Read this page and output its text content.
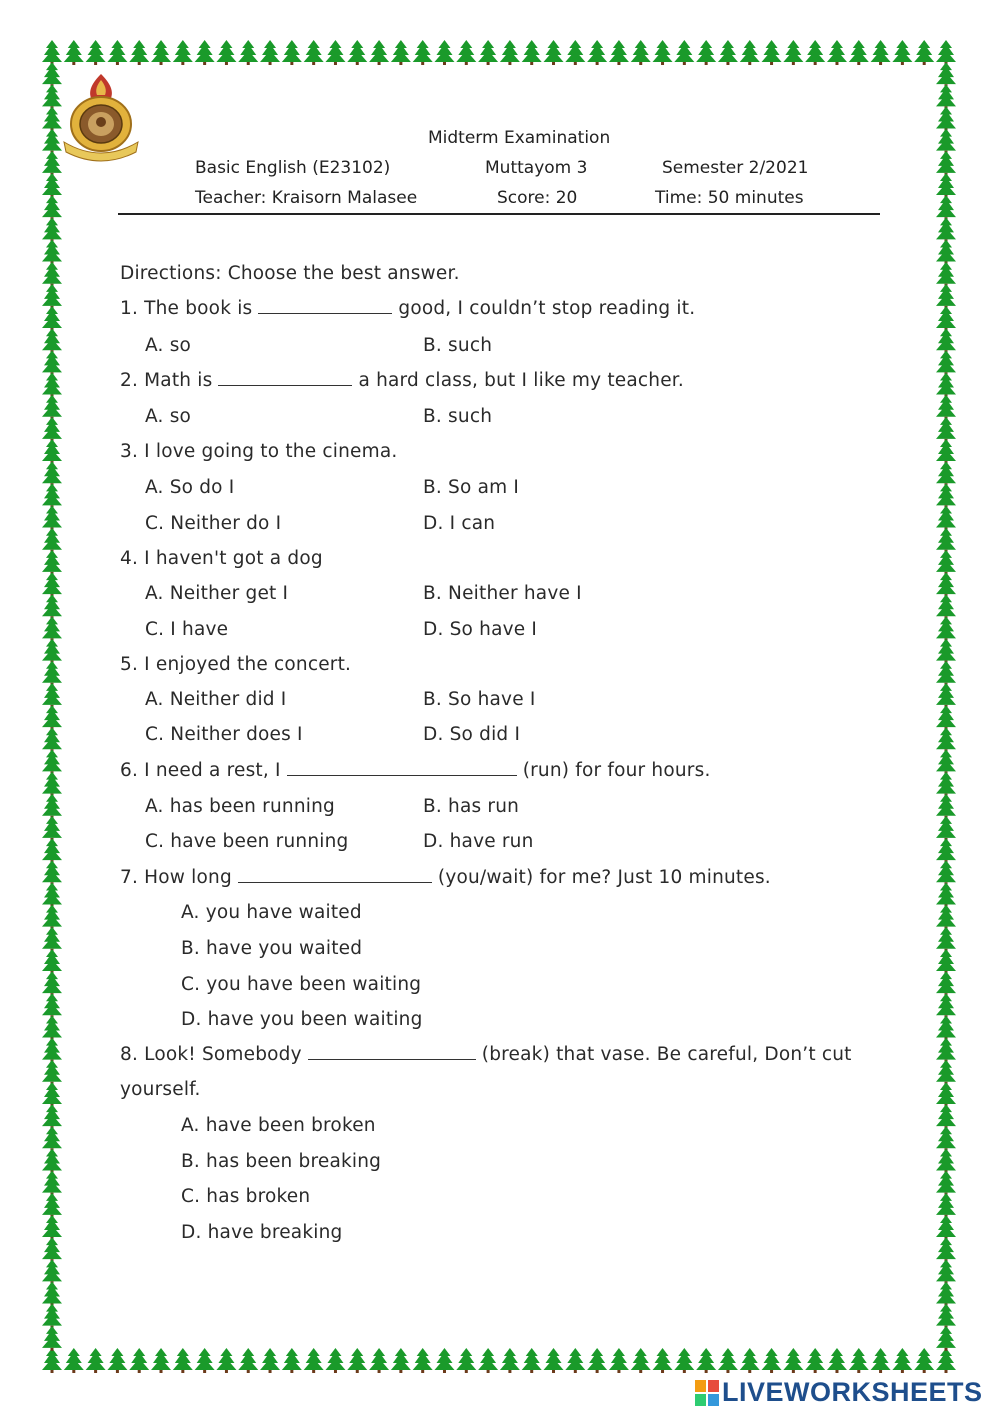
Midterm Examination
Basic English (E23102)	Muttayom 3	Semester 2/2021
Teacher: Kraisorn Malasee	Score: 20	Time: 50 minutes
Directions: Choose the best answer.
1. The book is	good, I couldn’t stop reading it.
A. so	B. such
2. Math is	a hard class, but I like my teacher.
A. so	B. such
3. I love going to the cinema.
A. So do I	B. So am I
C. Neither do I	D. I can
4. I haven't got a dog
A. Neither get I	B. Neither have I
C. I have	D. So have I
5. I enjoyed the concert.
A. Neither did I	B. So have I
C. Neither does I	D. So did I
6. I need a rest, I	(run) for four hours.
A. has been running	B. has run
C. have been running	D. have run
7. How long	(you/wait) for me? Just 10 minutes.
A. you have waited
B. have you waited
C. you have been waiting
D. have you been waiting
8. Look! Somebody	(break) that vase. Be careful, Don’t cut
yourself.
A. have been broken
B. has been breaking
C. has broken
D. have breaking
LIVEWORKSHEETS
